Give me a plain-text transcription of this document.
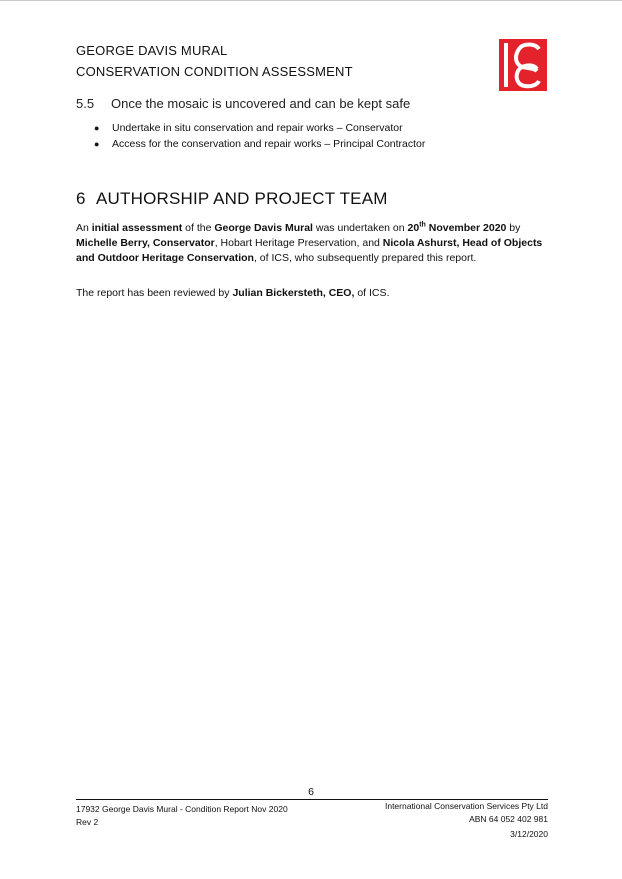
GEORGE DAVIS MURAL
CONSERVATION CONDITION ASSESSMENT
5.5 Once the mosaic is uncovered and can be kept safe
● Undertake in situ conservation and repair works – Conservator
● Access for the conservation and repair works – Principal Contractor
6 AUTHORSHIP AND PROJECT TEAM
An initial assessment of the George Davis Mural was undertaken on 20th November 2020 by Michelle Berry, Conservator, Hobart Heritage Preservation, and Nicola Ashurst, Head of Objects and Outdoor Heritage Conservation, of ICS, who subsequently prepared this report.
The report has been reviewed by Julian Bickersteth, CEO, of ICS.
6
17932 George Davis Mural - Condition Report Nov 2020
Rev 2
International Conservation Services Pty Ltd
ABN 64 052 402 981
3/12/2020
